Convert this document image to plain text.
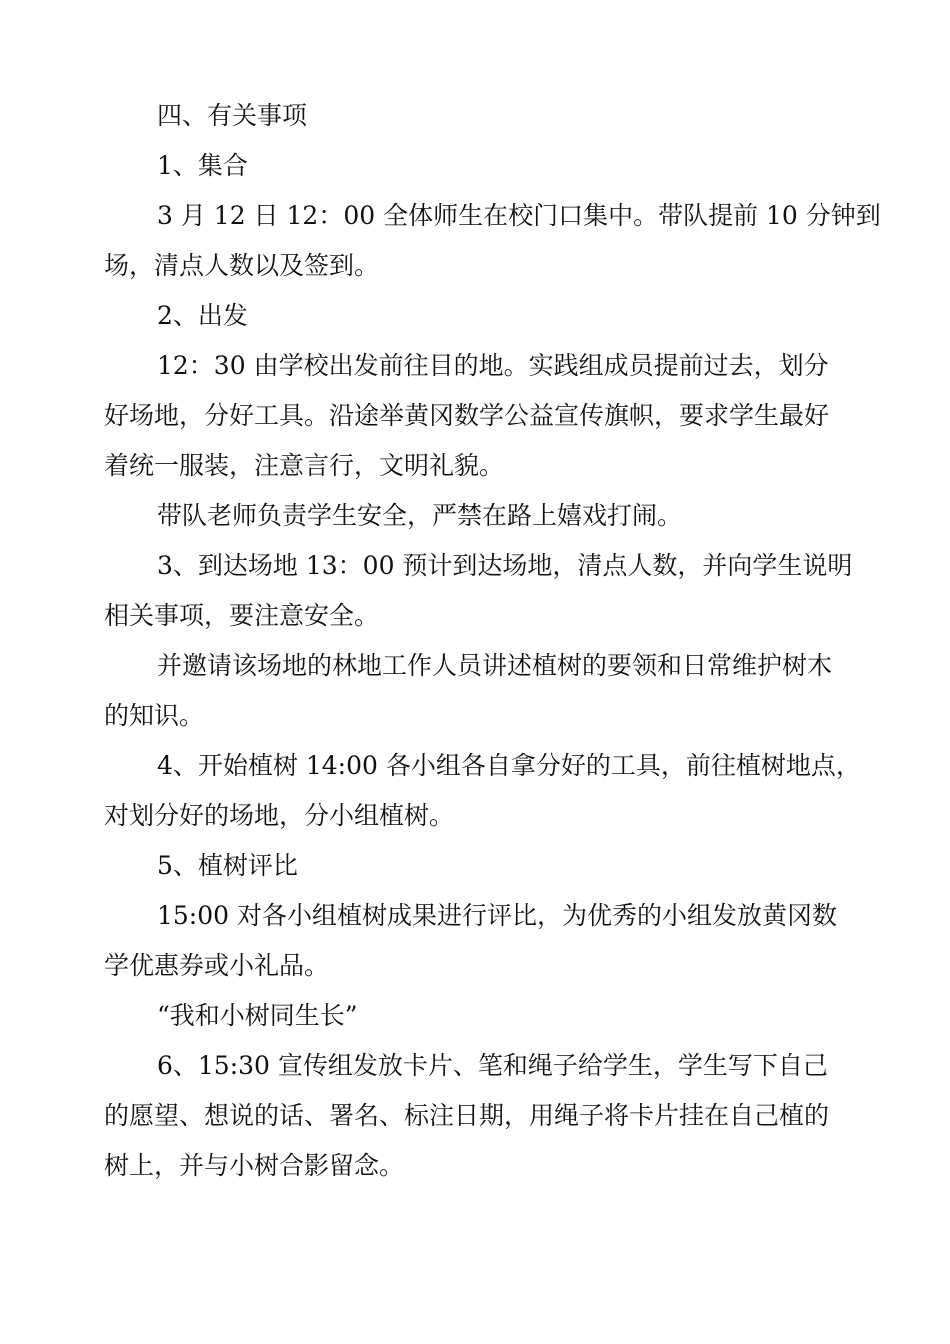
四、有关事项
1、集合
3 月 12 日 12：00 全体师生在校门口集中。带队提前 10 分钟到
场，清点人数以及签到。
2、出发
12：30 由学校出发前往目的地。实践组成员提前过去，划分
好场地，分好工具。沿途举黄冈数学公益宣传旗帜，要求学生最好
着统一服装，注意言行，文明礼貌。
带队老师负责学生安全，严禁在路上嬉戏打闹。
3、到达场地 13：00 预计到达场地，清点人数，并向学生说明
相关事项，要注意安全。
并邀请该场地的林地工作人员讲述植树的要领和日常维护树木
的知识。
4、开始植树 14:00 各小组各自拿分好的工具，前往植树地点，
对划分好的场地，分小组植树。
5、植树评比
15:00 对各小组植树成果进行评比，为优秀的小组发放黄冈数
学优惠券或小礼品。
“我和小树同生长”
6、15:30 宣传组发放卡片、笔和绳子给学生，学生写下自己
的愿望、想说的话、署名、标注日期，用绳子将卡片挂在自己植的
树上，并与小树合影留念。
